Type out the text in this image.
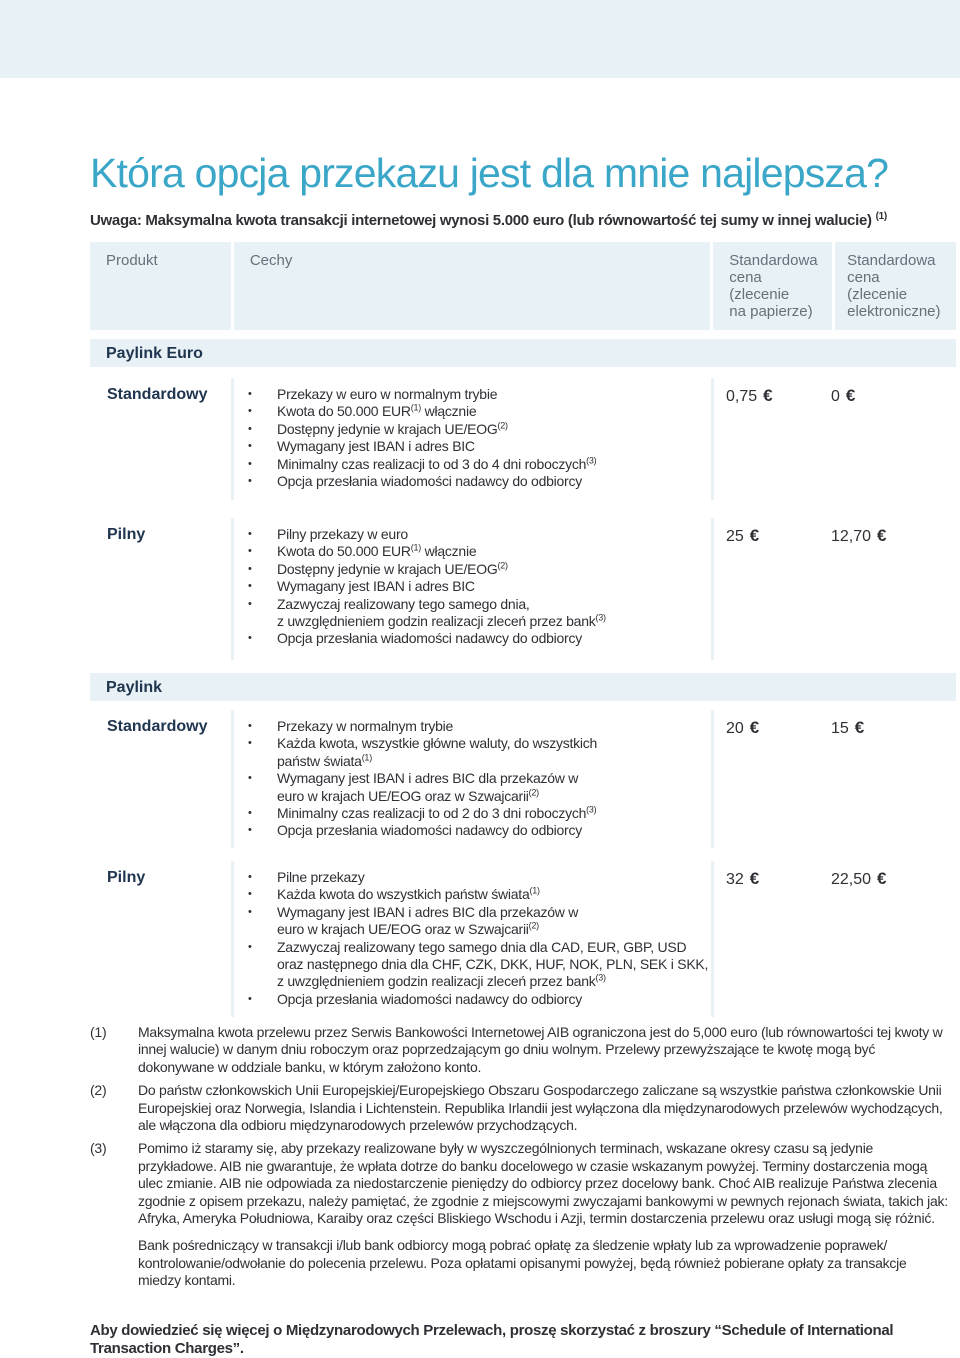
Która opcja przekazu jest dla mnie najlepsza?
Uwaga: Maksymalna kwota transakcji internetowej wynosi 5.000 euro (lub równowartość tej sumy w innej walucie) $^{(1)}$
Produkt	Cechy	Standardowa
cena
(zlecenie
na papierze)
Standardowa
cena
(zlecenie
elektroniczne)
Paylink Euro
Standardowy	• Przekazy w euro w normalnym trybie
• Kwota do 50.000 EUR$^{(1)}$ włącznie
• Dostępny jedynie w krajach UE/EOG$^{(2)}$
• Wymagany jest IBAN i adres BIC
• Minimalny czas realizacji to od 3 do 4 dni roboczych$^{(3)}$
• Opcja przesłania wiadomości nadawcy do odbiorcy
0,75 €	0 €
Pilny	• Pilny przekazy w euro
• Kwota do 50.000 EUR$^{(1)}$ włącznie
• Dostępny jedynie w krajach UE/EOG$^{(2)}$
• Wymagany jest IBAN i adres BIC
• Zazwyczaj realizowany tego samego dnia,
z uwzględnieniem godzin realizacji zleceń przez bank$^{(3)}$
• Opcja przesłania wiadomości nadawcy do odbiorcy
25 €	12,70 €
Paylink
Standardowy	• Przekazy w normalnym trybie
• Każda kwota, wszystkie główne waluty, do wszystkich
państw świata$^{(1)}$
• Wymagany jest IBAN i adres BIC dla przekazów w
euro w krajach UE/EOG oraz w Szwajcarii$^{(2)}$
• Minimalny czas realizacji to od 2 do 3 dni roboczych$^{(3)}$
• Opcja przesłania wiadomości nadawcy do odbiorcy
20 €	15 €
Pilny	• Pilne przekazy
• Każda kwota do wszystkich państw świata$^{(1)}$
• Wymagany jest IBAN i adres BIC dla przekazów w
euro w krajach UE/EOG oraz w Szwajcarii$^{(2)}$
• Zazwyczaj realizowany tego samego dnia dla CAD, EUR, GBP, USD
oraz następnego dnia dla CHF, CZK, DKK, HUF, NOK, PLN, SEK i SKK,
z uwzględnieniem godzin realizacji zleceń przez bank$^{(3)}$
• Opcja przesłania wiadomości nadawcy do odbiorcy
32 €	22,50 €
(1) Maksymalna kwota przelewu przez Serwis Bankowości Internetowej AIB ograniczona jest do 5,000 euro (lub równowartości tej kwoty w innej walucie) w danym dniu roboczym oraz poprzedzającym go dniu wolnym. Przelewy przewyższające te kwotę mogą być dokonywane w oddziale banku, w którym założono konto.
(2) Do państw członkowskich Unii Europejskiej/Europejskiego Obszaru Gospodarczego zaliczane są wszystkie państwa członkowskie Unii Europejskiej oraz Norwegia, Islandia i Lichtenstein. Republika Irlandii jest wyłączona dla międzynarodowych przelewów wychodzących, ale włączona dla odbioru międzynarodowych przelewów przychodzących.
(3) Pomimo iż staramy się, aby przekazy realizowane były w wyszczególnionych terminach, wskazane okresy czasu są jedynie przykładowe. AIB nie gwarantuje, że wpłata dotrze do banku docelowego w czasie wskazanym powyżej. Terminy dostarczenia mogą ulec zmianie. AIB nie odpowiada za niedostarczenie pieniędzy do odbiorcy przez docelowy bank. Choć AIB realizuje Państwa zlecenia zgodnie z opisem przekazu, należy pamiętać, że zgodnie z miejscowymi zwyczajami bankowymi w pewnych rejonach świata, takich jak: Afryka, Ameryka Południowa, Karaiby oraz części Bliskiego Wschodu i Azji, termin dostarczenia przelewu oraz usługi mogą się różnić.
Bank pośredniczący w transakcji i/lub bank odbiorcy mogą pobrać opłatę za śledzenie wpłaty lub za wprowadzenie poprawek/ kontrolowanie/odwołanie do polecenia przelewu. Poza opłatami opisanymi powyżej, będą również pobierane opłaty za transakcje miedzy kontami.
Aby dowiedzieć się więcej o Międzynarodowych Przelewach, proszę skorzystać z broszury “Schedule of International Transaction Charges”.
